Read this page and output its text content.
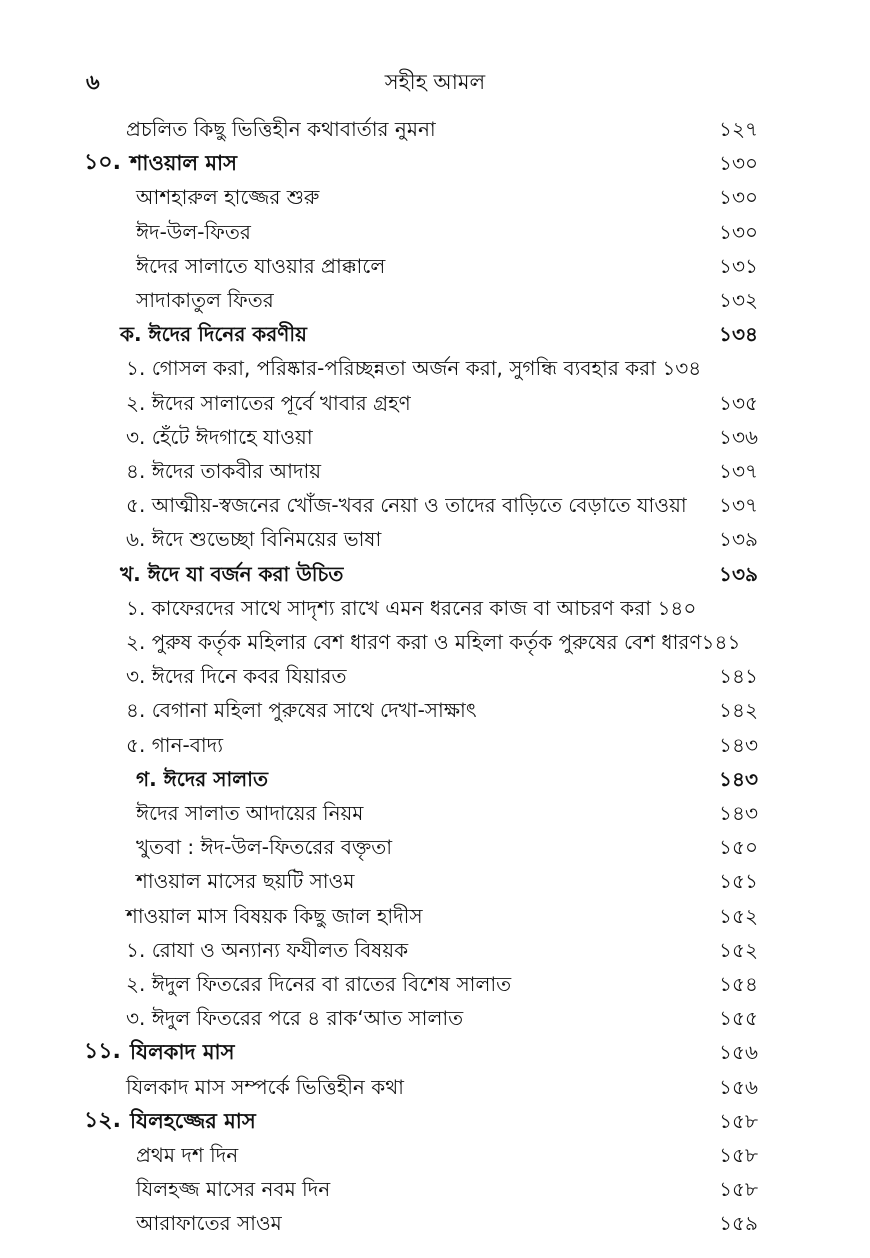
৬	সহীহ আমল
প্রচলিত কিছু ভিত্তিহীন কথাবার্তার নুমনা	১২৭
১০. শাওয়াল মাস	১৩০
আশহারুল হাজ্জের শুরু	১৩০
ঈদ-উল-ফিতর	১৩০
ঈদের সালাতে যাওয়ার প্রাক্কালে	১৩১
সাদাকাতুল ফিতর	১৩২
ক. ঈদের দিনের করণীয়	১৩৪
১. গোসল করা, পরিষ্কার-পরিচ্ছন্নতা অর্জন করা, সুগন্ধি ব্যবহার করা ১৩৪
২. ঈদের সালাতের পূর্বে খাবার গ্রহণ	১৩৫
৩. হেঁটে ঈদগাহে যাওয়া	১৩৬
৪. ঈদের তাকবীর আদায়	১৩৭
৫. আত্মীয়-স্বজনের খোঁজ-খবর নেয়া ও তাদের বাড়িতে বেড়াতে যাওয়া ১৩৭
৬. ঈদে শুভেচ্ছা বিনিময়ের ভাষা	১৩৯
খ. ঈদে যা বর্জন করা উচিত	১৩৯
১. কাফেরদের সাথে সাদৃশ্য রাখে এমন ধরনের কাজ বা আচরণ করা ১৪০
২. পুরুষ কর্তৃক মহিলার বেশ ধারণ করা ও মহিলা কর্তৃক পুরুষের বেশ ধারণ১৪১
৩. ঈদের দিনে কবর যিয়ারত	১৪১
৪. বেগানা মহিলা পুরুষের সাথে দেখা-সাক্ষাৎ	১৪২
৫. গান-বাদ্য	১৪৩
গ. ঈদের সালাত	১৪৩
ঈদের সালাত আদায়ের নিয়ম	১৪৩
খুতবা : ঈদ-উল-ফিতরের বক্তৃতা	১৫০
শাওয়াল মাসের ছয়টি সাওম	১৫১
শাওয়াল মাস বিষয়ক কিছু জাল হাদীস	১৫২
১. রোযা ও অন্যান্য ফযীলত বিষয়ক	১৫২
২. ঈদুল ফিতরের দিনের বা রাতের বিশেষ সালাত	১৫৪
৩. ঈদুল ফিতরের পরে ৪ রাক‘আত সালাত	১৫৫
১১. যিলকাদ মাস	১৫৬
যিলকাদ মাস সম্পর্কে ভিত্তিহীন কথা	১৫৬
১২. যিলহজ্জের মাস	১৫৮
প্রথম দশ দিন	১৫৮
যিলহজ্জ মাসের নবম দিন	১৫৮
আরাফাতের সাওম	১৫৯
